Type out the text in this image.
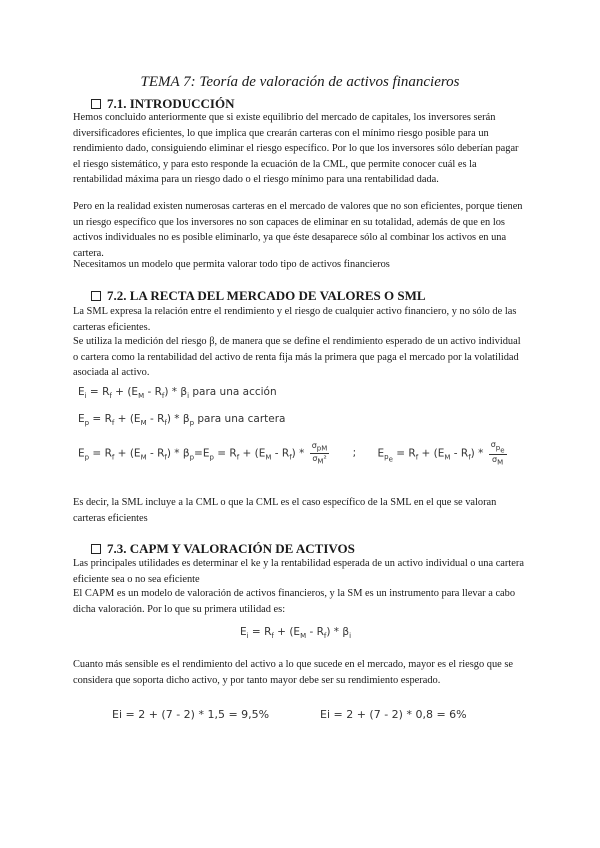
TEMA 7: Teoría de valoración de activos financieros
7.1. INTRODUCCIÓN

Hemos concluido anteriormente que si existe equilibrio del mercado de capitales, los inversores serán diversificadores eficientes, lo que implica que crearán carteras con el mínimo riesgo posible para un rendimiento dado, consiguiendo eliminar el riesgo específico. Por lo que los inversores sólo deberían pagar el riesgo sistemático, y para esto responde la ecuación de la CML, que permite conocer cuál es la rentabilidad máxima para un riesgo dado o el riesgo mínimo para una rentabilidad dada.

Pero en la realidad existen numerosas carteras en el mercado de valores que no son eficientes, porque tienen un riesgo específico que los inversores no son capaces de eliminar en su totalidad, además de que en los activos individuales no es posible eliminarlo, ya que éste desaparece sólo al combinar los activos en una cartera.

Necesitamos un modelo que permita valorar todo tipo de activos financieros

7.2. LA RECTA DEL MERCADO DE VALORES O SML

La SML expresa la relación entre el rendimiento y el riesgo de cualquier activo financiero, y no sólo de las carteras eficientes.

Se utiliza la medición del riesgo β, de manera que se define el rendimiento esperado de un activo individual o cartera como la rentabilidad del activo de renta fija más la primera que paga el mercado por la volatilidad asociada al activo.

$E_i = R_f + (E_M - R_f) * \beta_i$ para una acción
$E_p = R_f + (E_M - R_f) * \beta_p$ para una cartera
$E_p = R_f + (E_M - R_f) * \beta_p=E_p = R_f + (E_M - R_f) * \frac{\sigma_{pM}}{\sigma_M^2}$ ; $E_{p_e} = R_f + (E_M - R_f) * \frac{\sigma_{p_e}}{\sigma_M}$

Es decir, la SML incluye a la CML o que la CML es el caso específico de la SML en el que se valoran carteras eficientes

7.3. CAPM Y VALORACIÓN DE ACTIVOS

Las principales utilidades es determinar el ke y la rentabilidad esperada de un activo individual o una cartera eficiente sea o no sea eficiente

El CAPM es un modelo de valoración de activos financieros, y la SM es un instrumento para llevar a cabo dicha valoración. Por lo que su primera utilidad es:

$E_i = R_f + (E_M - R_f) * \beta_i$

Cuanto más sensible es el rendimiento del activo a lo que sucede en el mercado, mayor es el riesgo que se considera que soporta dicho activo, y por tanto mayor debe ser su rendimiento esperado.

Ei = 2 + (7 - 2) * 1,5 = 9,5%	Ei = 2 + (7 - 2) * 0,8 = 6%
